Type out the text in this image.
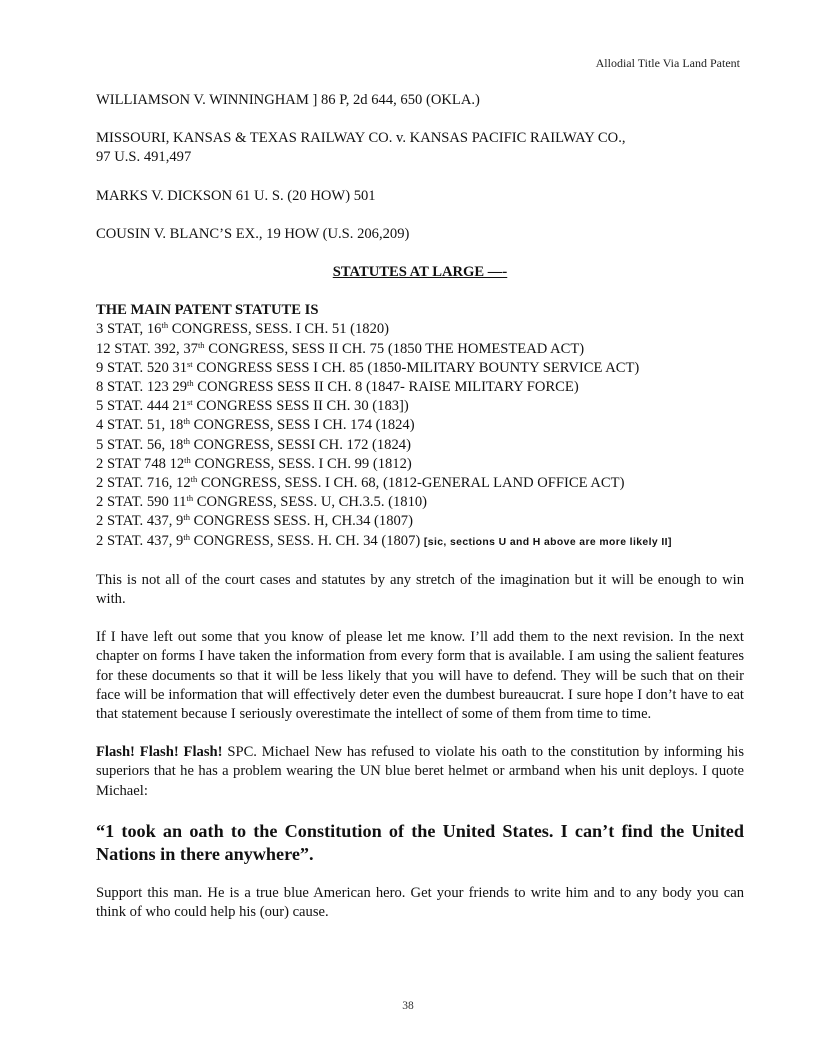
Allodial Title Via Land Patent

WILLIAMSON V. WINNINGHAM ] 86 P, 2d 644, 650 (OKLA.)

MISSOURI, KANSAS & TEXAS RAILWAY CO. v. KANSAS PACIFIC RAILWAY CO.,
97 U.S. 491,497

MARKS V. DICKSON 61 U. S. (20 HOW) 501

COUSIN V. BLANC’S EX., 19 HOW (U.S. 206,209)

STATUTES AT LARGE —-

THE MAIN PATENT STATUTE IS

3 STAT, 16th CONGRESS, SESS. I CH. 51 (1820)
12 STAT. 392, 37th CONGRESS, SESS II CH. 75 (1850 THE HOMESTEAD ACT)
9 STAT. 520 31st CONGRESS SESS I CH. 85 (1850-MILITARY BOUNTY SERVICE ACT)
8 STAT. 123 29th CONGRESS SESS II CH. 8 (1847- RAISE MILITARY FORCE)
5 STAT. 444 21st CONGRESS SESS II CH. 30 (183])
4 STAT. 51, 18th CONGRESS, SESS I CH. 174 (1824)
5 STAT. 56, 18th CONGRESS, SESSI CH. 172 (1824)
2 STAT 748 12th CONGRESS, SESS. I CH. 99 (1812)
2 STAT. 716, 12th CONGRESS, SESS. I CH. 68, (1812-GENERAL LAND OFFICE ACT)
2 STAT. 590 11th CONGRESS, SESS. U, CH.3.5. (1810)
2 STAT. 437, 9th CONGRESS SESS. H, CH.34 (1807)
2 STAT. 437, 9th CONGRESS, SESS. H. CH. 34 (1807) [sic, sections U and H above are more likely II]

This is not all of the court cases and statutes by any stretch of the imagination but it will be enough to win with.

If I have left out some that you know of please let me know. I’ll add them to the next revision. In the next chapter on forms I have taken the information from every form that is available. I am using the salient features for these documents so that it will be less likely that you will have to defend. They will be such that on their face will be information that will effectively deter even the dumbest bureaucrat. I sure hope I don’t have to eat that statement because I seriously overestimate the intellect of some of them from time to time.

Flash! Flash! Flash! SPC. Michael New has refused to violate his oath to the constitution by informing his superiors that he has a problem wearing the UN blue beret helmet or armband when his unit deploys. I quote Michael:

“1 took an oath to the Constitution of the United States. I can’t find the United Nations in there anywhere”.

Support this man. He is a true blue American hero. Get your friends to write him and to any body you can think of who could help his (our) cause.

38
